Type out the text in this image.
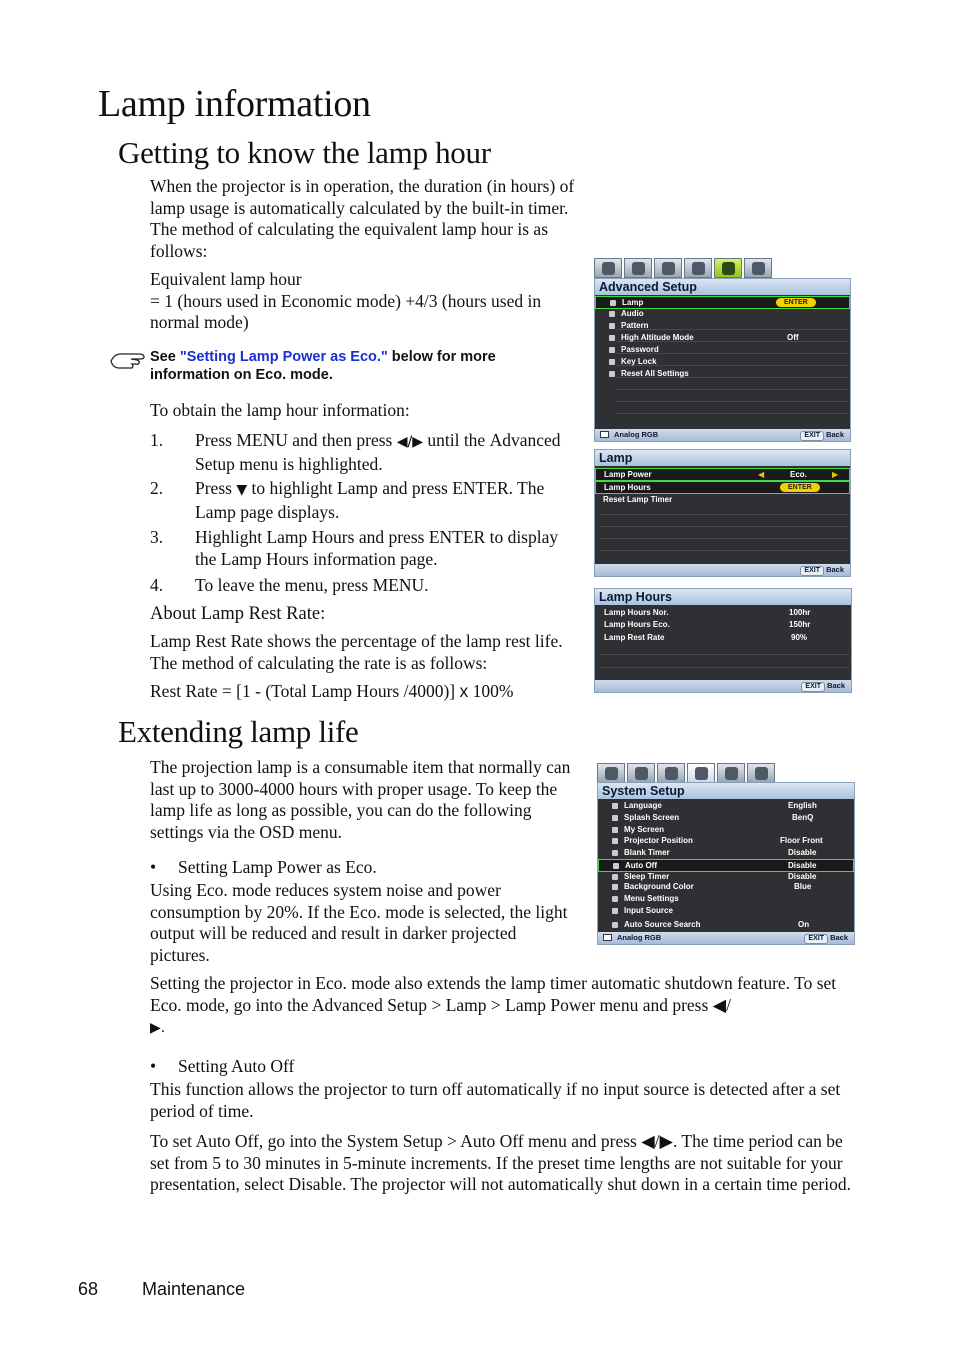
Lamp information
Getting to know the lamp hour
When the projector is in operation, the duration (in hours) of lamp usage is automatically calculated by the built-in timer. The method of calculating the equivalent lamp hour is as follows:
Equivalent lamp hour
= 1 (hours used in Economic mode) +4/3 (hours used in normal mode)
See "Setting Lamp Power as Eco." below for more information on Eco. mode.
To obtain the lamp hour information:
1. Press MENU and then press ◀/▶ until the Advanced Setup menu is highlighted.
2. Press ▼ to highlight Lamp and press ENTER. The Lamp page displays.
3. Highlight Lamp Hours and press ENTER to display the Lamp Hours information page.
4. To leave the menu, press MENU.
About Lamp Rest Rate:
Lamp Rest Rate shows the percentage of the lamp rest life. The method of calculating the rate is as follows:
Rest Rate = [1 - (Total Lamp Hours /4000)] x 100%
Advanced Setup
Lamp	ENTER
Audio
Pattern
High Altitude Mode	Off
Password
Key Lock
Reset All Settings
Analog RGB	EXIT Back
Lamp
Lamp Power	◀	Eco.	▶
Lamp Hours	ENTER
Reset Lamp Timer
EXIT Back
Lamp Hours
Lamp Hours Nor.	100hr
Lamp Hours Eco.	150hr
Lamp Rest Rate	90%
EXIT Back
Extending lamp life
The projection lamp is a consumable item that normally can last up to 3000-4000 hours with proper usage. To keep the lamp life as long as possible, you can do the following settings via the OSD menu.
• Setting Lamp Power as Eco.
Using Eco. mode reduces system noise and power consumption by 20%. If the Eco. mode is selected, the light output will be reduced and result in darker projected pictures.
Setting the projector in Eco. mode also extends the lamp timer automatic shutdown feature. To set Eco. mode, go into the Advanced Setup > Lamp > Lamp Power menu and press ◀/
▶.
• Setting Auto Off
This function allows the projector to turn off automatically if no input source is detected after a set period of time.
To set Auto Off, go into the System Setup > Auto Off menu and press ◀/▶. The time period can be set from 5 to 30 minutes in 5-minute increments. If the preset time lengths are not suitable for your presentation, select Disable. The projector will not automatically shut down in a certain time period.
System Setup
Language	English
Splash Screen	BenQ
My Screen
Projector Position	Floor Front
Blank Timer	Disable
Auto Off	Disable
Sleep Timer	Disable
Background Color	Blue
Menu Settings
Input Source
Auto Source Search	On
Analog RGB	EXIT Back
68 Maintenance
